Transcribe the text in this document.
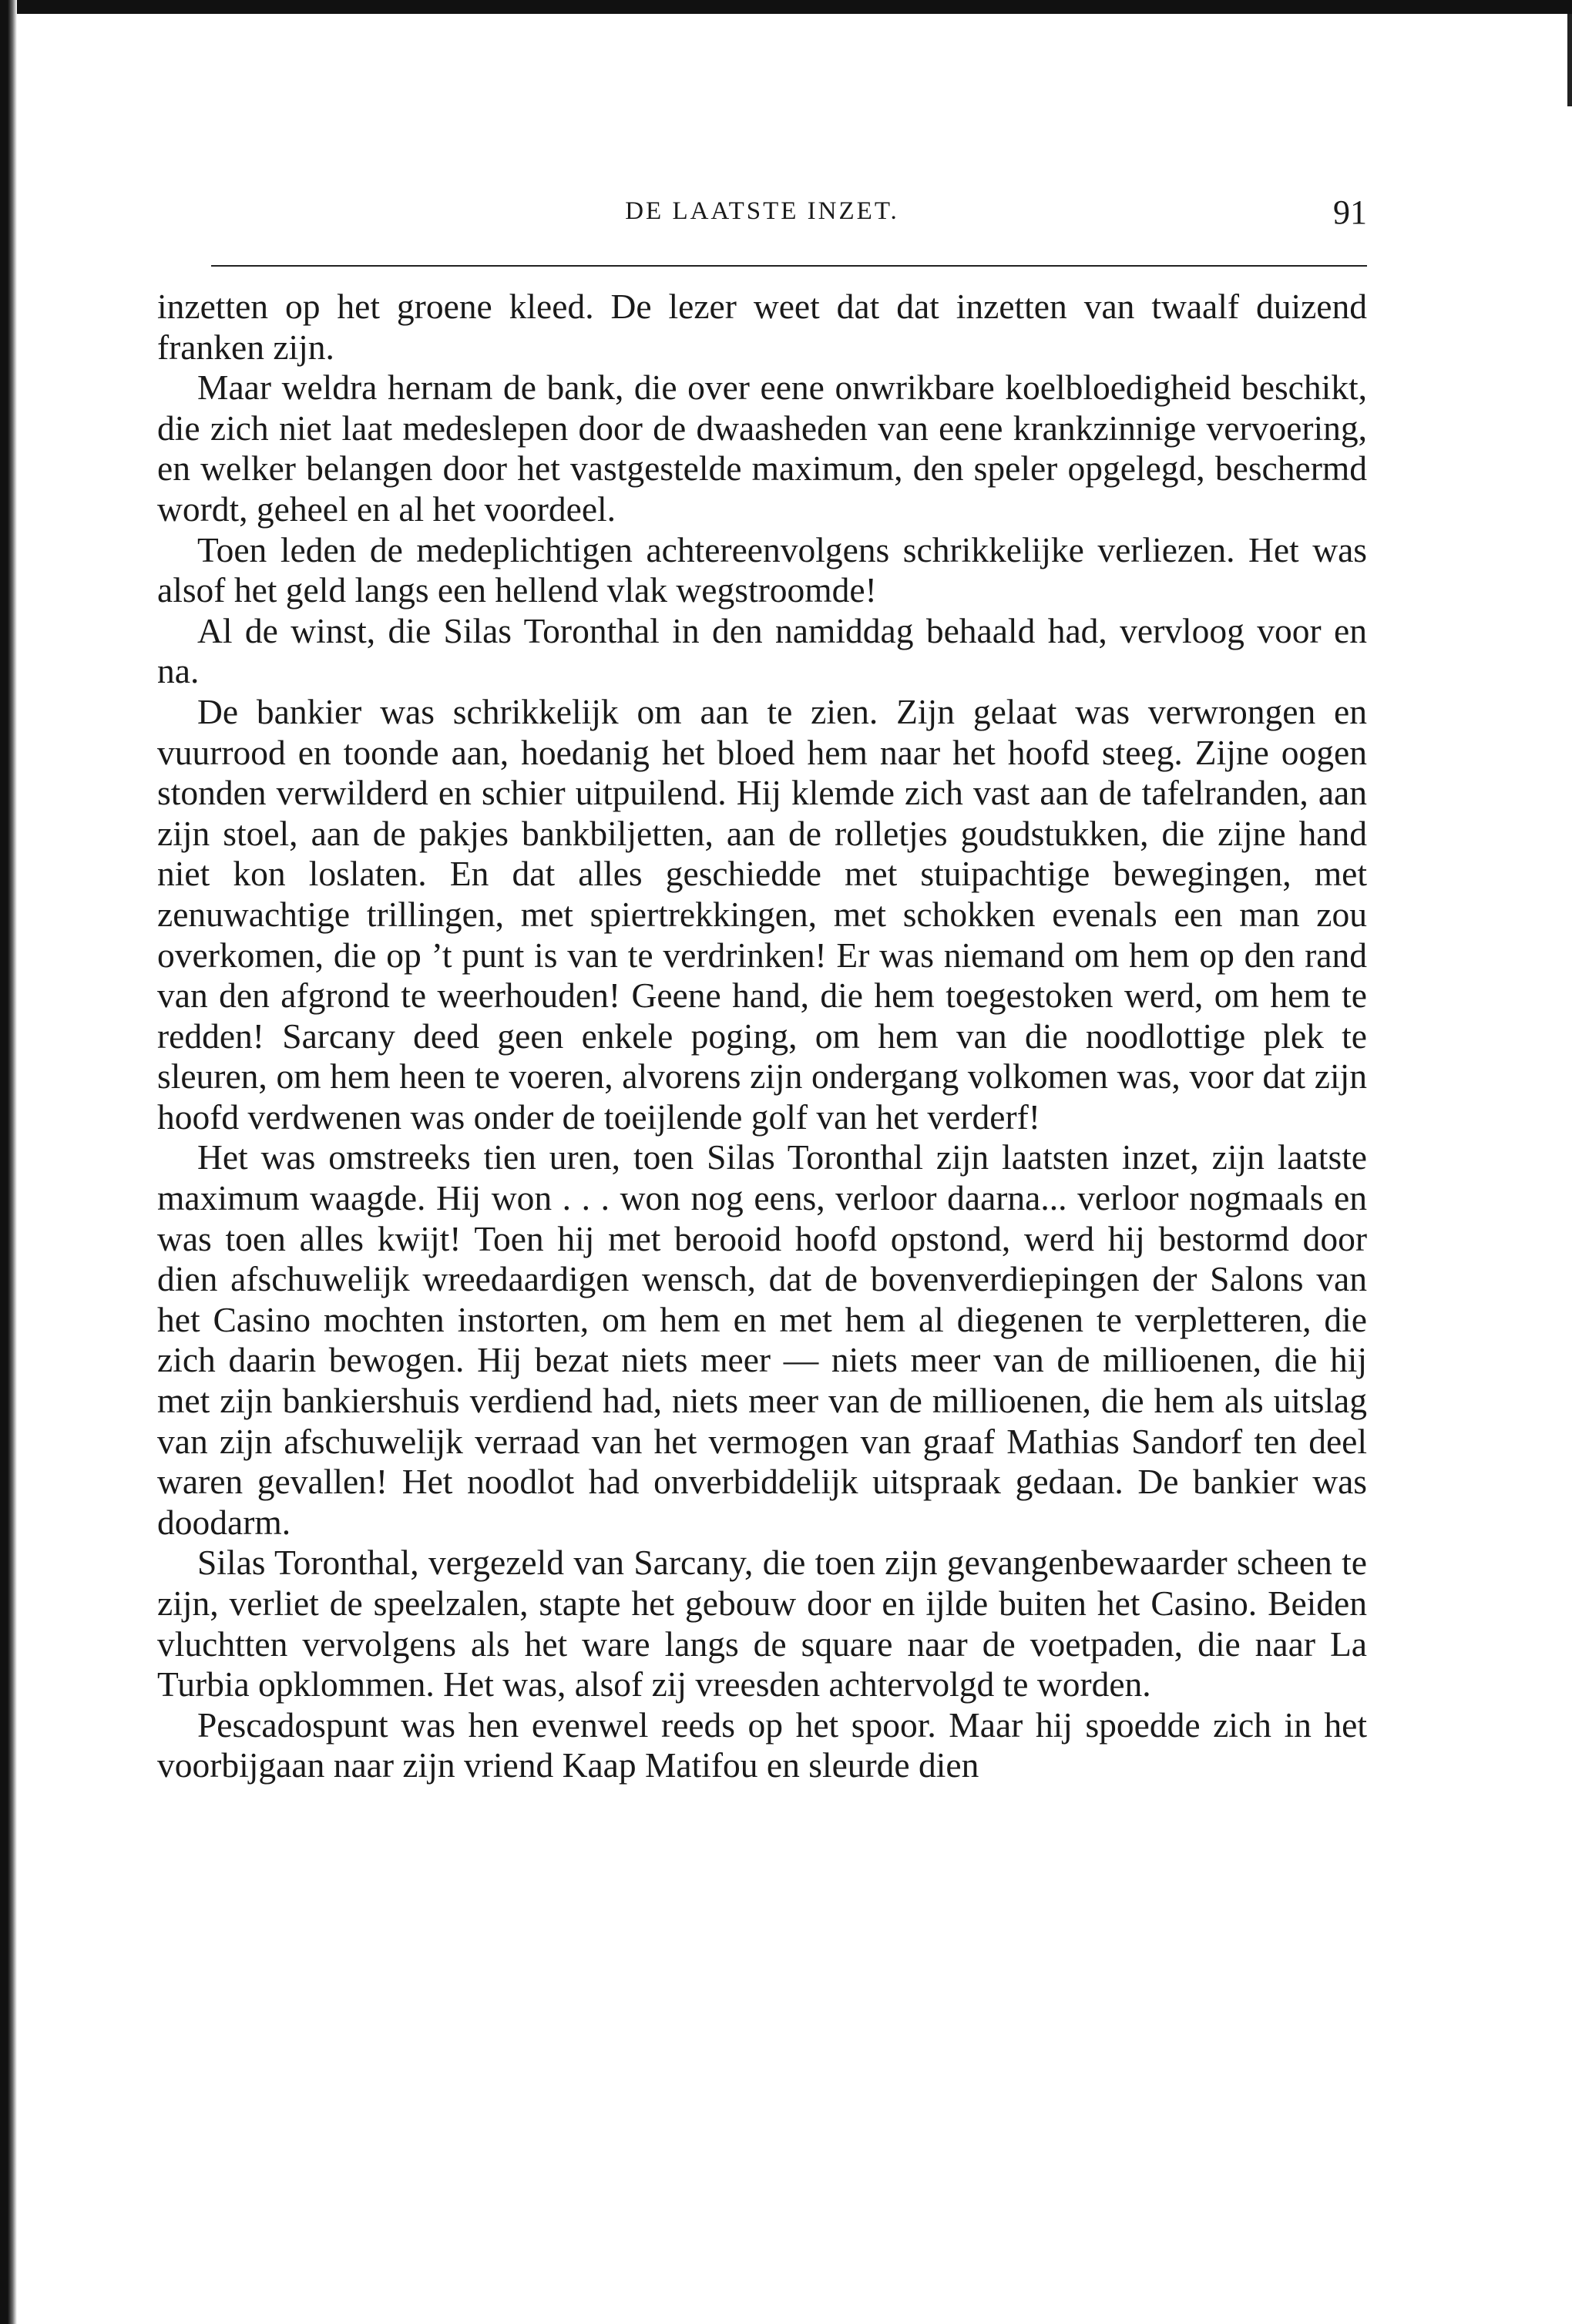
DE LAATSTE INZET.	91

inzetten op het groene kleed. De lezer weet dat dat inzetten van twaalf duizend franken zijn.

Maar weldra hernam de bank, die over eene onwrikbare koelbloedigheid beschikt, die zich niet laat medeslepen door de dwaasheden van eene krankzinnige vervoering, en welker belangen door het vastgestelde maximum, den speler opgelegd, beschermd wordt, geheel en al het voordeel.

Toen leden de medeplichtigen achtereenvolgens schrikkelijke verliezen. Het was alsof het geld langs een hellend vlak wegstroomde!

Al de winst, die Silas Toronthal in den namiddag behaald had, vervloog voor en na.

De bankier was schrikkelijk om aan te zien. Zijn gelaat was verwrongen en vuurrood en toonde aan, hoedanig het bloed hem naar het hoofd steeg. Zijne oogen stonden verwilderd en schier uitpuilend. Hij klemde zich vast aan de tafelranden, aan zijn stoel, aan de pakjes bankbiljetten, aan de rolletjes goudstukken, die zijne hand niet kon loslaten. En dat alles geschiedde met stuipachtige bewegingen, met zenuwachtige trillingen, met spiertrekkingen, met schokken evenals een man zou overkomen, die op ’t punt is van te verdrinken! Er was niemand om hem op den rand van den afgrond te weerhouden! Geene hand, die hem toegestoken werd, om hem te redden! Sarcany deed geen enkele poging, om hem van die noodlottige plek te sleuren, om hem heen te voeren, alvorens zijn ondergang volkomen was, voor dat zijn hoofd verdwenen was onder de toeijlende golf van het verderf!

Het was omstreeks tien uren, toen Silas Toronthal zijn laatsten inzet, zijn laatste maximum waagde. Hij won . . . won nog eens, verloor daarna... verloor nogmaals en was toen alles kwijt! Toen hij met berooid hoofd opstond, werd hij bestormd door dien afschuwelijk wreedaardigen wensch, dat de bovenverdiepingen der Salons van het Casino mochten instorten, om hem en met hem al diegenen te verpletteren, die zich daarin bewogen. Hij bezat niets meer — niets meer van de millioenen, die hij met zijn bankiershuis verdiend had, niets meer van de millioenen, die hem als uitslag van zijn afschuwelijk verraad van het vermogen van graaf Mathias Sandorf ten deel waren gevallen! Het noodlot had onverbiddelijk uitspraak gedaan. De bankier was doodarm.

Silas Toronthal, vergezeld van Sarcany, die toen zijn gevangenbewaarder scheen te zijn, verliet de speelzalen, stapte het gebouw door en ijlde buiten het Casino. Beiden vluchtten vervolgens als het ware langs de square naar de voetpaden, die naar La Turbia opklommen. Het was, alsof zij vreesden achtervolgd te worden.

Pescadospunt was hen evenwel reeds op het spoor. Maar hij spoedde zich in het voorbijgaan naar zijn vriend Kaap Matifou en sleurde dien
